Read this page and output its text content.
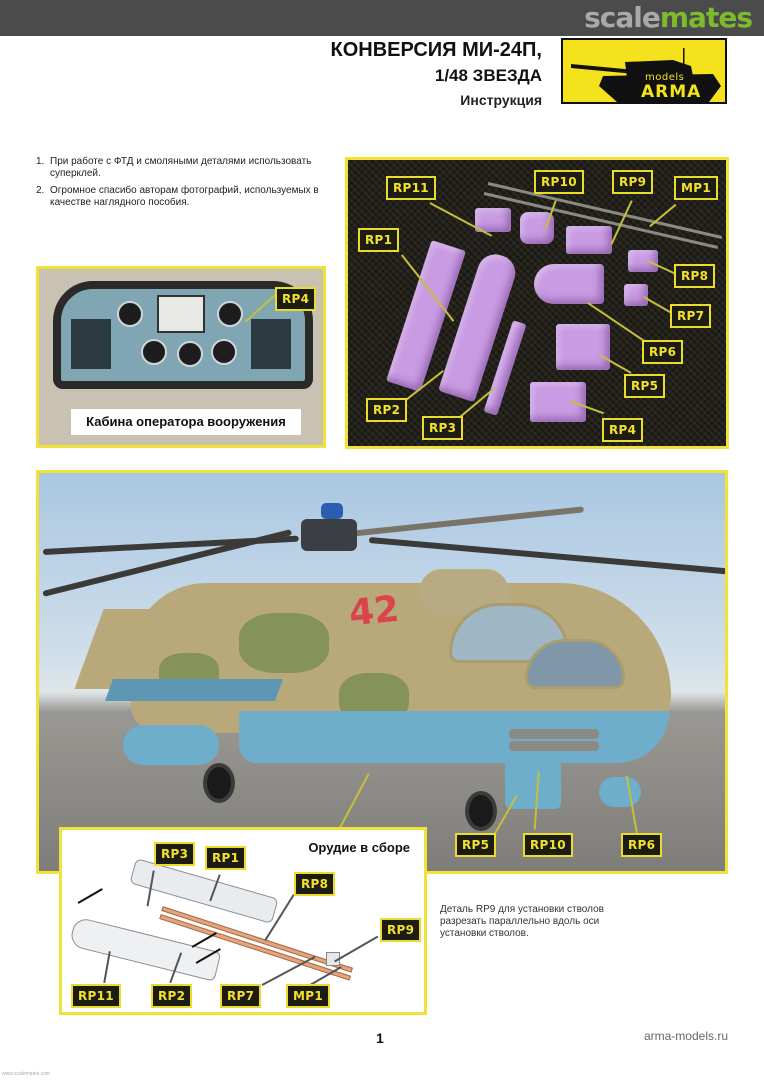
scalemates
КОНВЕРСИЯ МИ-24П,
1/48 ЗВЕЗДА
Инструкция
models
ARMA
1. При работе с ФТД и смоляными деталями использовать суперклей.
2. Огромное спасибо авторам фотографий, используемых в качестве наглядного пособия.
RP11	RP10	RP9	MP1
RP1
RP8
RP7
RP6
RP5
RP2
RP3	RP4
RP4
Кабина оператора вооружения
42
RP5	RP10	RP6
Орудие в сборе
RP3	RP1
RP8
RP9
RP11	RP2	RP7	MP1
Деталь RP9 для установки стволов разрезать параллельно вдоль оси установки стволов.
1	arma-models.ru
www.scalemates.com
